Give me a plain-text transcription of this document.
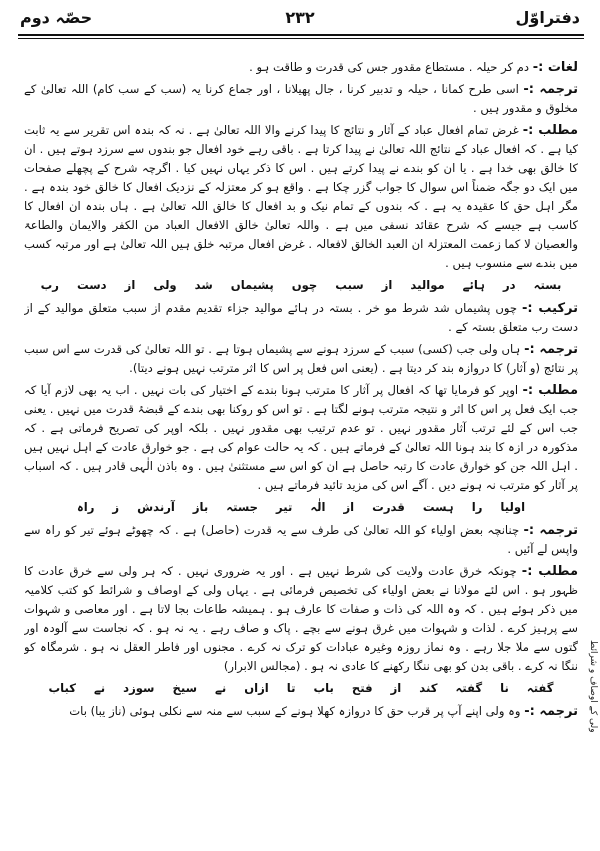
دفتراوّل
۲۳۲
حصّہ دوم

لغات :- دم کر حیلہ . مستطاع مقدور جس کی قدرت و طاقت ہو .

ترجمہ :- اسی طرح کمانا ، حیلہ و تدبیر کرنا ، جال پھیلانا ، اور جماع کرنا یہ (سب کے سب کام) اللہ تعالیٰ کے مخلوق و مقدور ہیں .

مطلب :- غرض تمام افعال عباد کے آثار و نتائج کا پیدا کرنے والا اللہ تعالیٰ ہے . نہ کہ بندہ اس تقریر سے یہ ثابت کیا ہے . کہ افعال عباد کے نتائج اللہ تعالیٰ نے پیدا کرتا ہے . باقی رہے خود افعال جو بندوں سے سرزد ہوتے ہیں . ان کا خالق بھی خدا ہے . یا ان کو بندے نے پیدا کرتے ہیں . اس کا ذکر یہاں نہیں کیا . اگرچہ شرح کے پچھلے صفحات میں ایک دو جگہ ضمناً اس سوال کا جواب گزر چکا ہے . واقع ہو کر معتزلہ کے نزدیک افعال کا خالق خود بندہ ہے . مگر اہل حق کا عقیدہ یہ ہے . کہ بندوں کے تمام نیک و بد افعال کا خالق اللہ تعالیٰ ہے . ہاں بندہ ان افعال کا کاسب ہے جیسے کہ شرح عقائد نسفی میں ہے . واللہ تعالیٰ خالق الافعال العباد من الکفر والایمان والطاعۃ والعصیان لا کما زعمت المعتزلۃ ان العبد الخالق لافعالہ . غرض افعال مرتبہ خلق ہیں اللہ تعالیٰ ہے اور مرتبہ کسب میں بندے سے منسوب ہیں .

بستہ در ہائے موالید از سبب چوں پشیماں شد ولی از دست رب

ترکیب :- چوں پشیماں شد شرط مو خر . بستہ در ہائے موالید جزاء تقدیم مقدم از سبب متعلق موالید کے از دست رب متعلق بستہ کے .

ترجمہ :- ہاں ولی جب (کسی) سبب کے سرزد ہونے سے پشیماں ہوتا ہے . تو اللہ تعالیٰ کی قدرت سے اس سبب پر نتائج (و آثار) کا دروازہ بند کر دیتا ہے . (یعنی اس فعل پر اس کا اثر مترتب نہیں ہونے دیتا).

مطلب :- اوپر کو فرمایا تھا کہ افعال پر آثار کا مترتب ہونا بندے کے اختیار کی بات نہیں . اب یہ بھی لازم آیا کہ جب ایک فعل پر اس کا اثر و نتیجہ مترتب ہونے لگتا ہے . تو اس کو روکنا بھی بندے کے قبضۂ قدرت میں نہیں . یعنی جب اس کے لئے ترتب آثار مقدور نہیں . تو عدم ترتیب بھی مقدور نہیں . بلکہ اوپر کی تصریح فرماتی ہے . کہ مذکورہ در ازہ کا بند ہونا اللہ تعالیٰ کے فرماتے ہیں . کہ یہ حالت عوام کی ہے . جو خوارق عادت کے اہل نہیں ہیں . اہل اللہ جن کو خوارق عادت کا رتبہ حاصل ہے ان کو اس سے مستثنیٰ ہیں . وہ باذن الٰہی قادر ہیں . کہ اسباب پر آثار کو مترتب نہ ہونے دیں . آگے اس کی مزید تائید فرماتے ہیں .

اولیا را ہست قدرت از الٰہ تیر جستہ باز آرندش ز راہ

ترجمہ :- چنانچہ بعض اولیاء کو اللہ تعالیٰ کی طرف سے یہ قدرت (حاصل) ہے . کہ چھوٹے ہوئے تیر کو راہ سے واپس لے آئیں .

مطلب :- چونکہ خرق عادت ولایت کی شرط نہیں ہے . اور یہ ضروری نہیں . کہ ہر ولی سے خرق عادت کا ظہور ہو . اس لئے مولانا نے بعض اولیاء کی تخصیص فرمائی ہے . یہاں ولی کے اوصاف و شرائط کو کتب کلامیہ میں ذکر ہوئے ہیں . کہ وہ اللہ کی ذات و صفات کا عارف ہو . ہمیشہ طاعات بجا لاتا ہے . اور معاصی و شہوات سے پرہیز کرے . لذات و شہوات میں غرق ہونے سے بچے . پاک و صاف رہے . یہ نہ ہو . کہ نجاست سے آلودہ اور گتوں سے ملا جلا رہے . وہ نماز روزہ وغیرہ عبادات کو ترک نہ کرے . مجنوں اور فاطر العقل نہ ہو . شرمگاہ کو ننگا نہ کرے . باقی بدن کو بھی ننگا رکھنے کا عادی نہ ہو . (مجالس الابرار)

گفتہ نا گفتہ کند از فتح باب تا ازاں نے سیخ سوزد نے کباب

ترجمہ :- وہ ولی اپنے آپ پر قرب حق کا دروازہ کھلا ہونے کے سبب سے منہ سے نکلی ہوئی (ناز یبا) بات	ولی کے اوصاف و شرائط
